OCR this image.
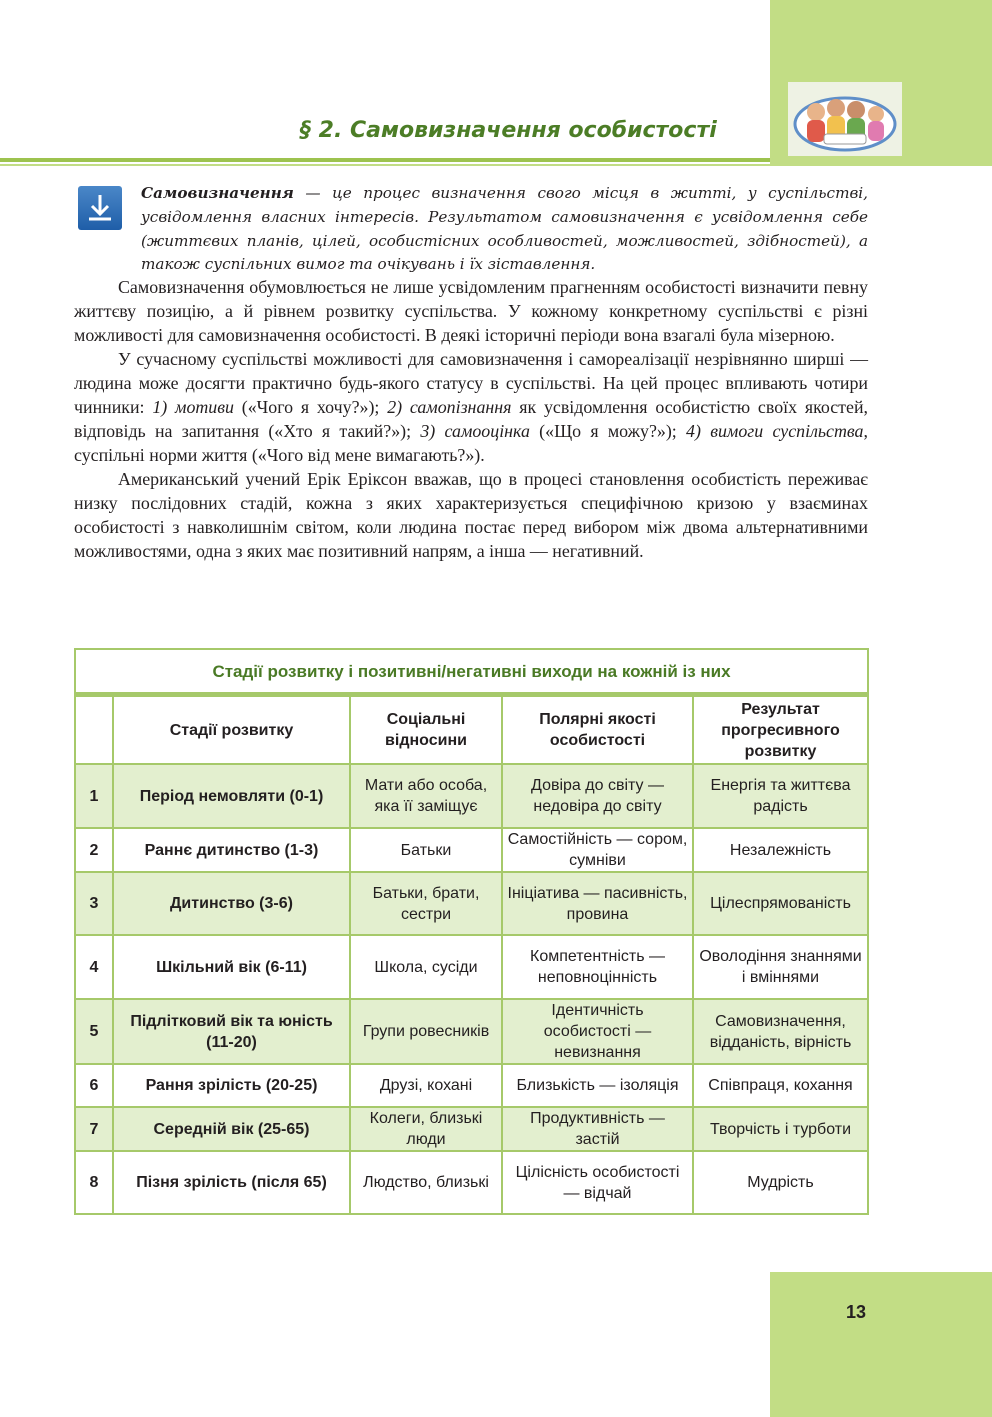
§ 2. Самовизначення особистості
Самовизначення — це процес визначення свого місця в житті, у суспільстві, усвідомлення власних інтересів. Результатом самовизначення є усвідомлення себе (життєвих планів, цілей, особистісних особливостей, можливостей, здібностей), а також суспільних вимог та очікувань і їх зіставлення.

Самовизначення обумовлюється не лише усвідомленим прагненням особистості визначити певну життєву позицію, а й рівнем розвитку суспільства. У кожному конкретному суспільстві є різні можливості для самовизначення особистості. В деякі історичні періоди вона взагалі була мізерною.

У сучасному суспільстві можливості для самовизначення і самореалізації незрівнянно ширші — людина може досягти практично будь-якого статусу в суспільстві. На цей процес впливають чотири чинники: 1) мотиви («Чого я хочу?»); 2) самопізнання як усвідомлення особистістю своїх якостей, відповідь на запитання («Хто я такий?»); 3) самооцінка («Що я можу?»); 4) вимоги суспільства, суспільні норми життя («Чого від мене вимагають?»).

Американський учений Ерік Еріксон вважав, що в процесі становлення особистість переживає низку послідовних стадій, кожна з яких характеризується специфічною кризою у взаєминах особистості з навколишнім світом, коли людина постає перед вибором між двома альтернативними можливостями, одна з яких має позитивний напрям, а інша — негативний.

Стадії розвитку і позитивні/негативні виходи на кожній із них				
	Стадії розвитку	Соціальні відносини	Полярні якості особистості	Результат прогресивного розвитку
1	Період немовляти (0-1)	Мати або особа, яка її заміщує	Довіра до світу — недовіра до світу	Енергія та життєва радість
2	Раннє дитинство (1-3)	Батьки	Самостійність — сором, сумніви	Незалежність
3	Дитинство (3-6)	Батьки, брати, сестри	Ініціатива — пасивність, провина	Цілеспрямованість
4	Шкільний вік (6-11)	Школа, сусіди	Компетентність — неповноцінність	Оволодіння знаннями і вміннями
5	Підлітковий вік та юність (11-20)	Групи ровесників	Ідентичність особистості — невизнання	Самовизначення, відданість, вірність
6	Рання зрілість (20-25)	Друзі, кохані	Близькість — ізоляція	Співпраця, кохання
7	Середній вік (25-65)	Колеги, близькі люди	Продуктивність — застій	Творчість і турботи
8	Пізня зрілість (після 65)	Людство, близькі	Цілісність особистості — відчай	Мудрість
13
